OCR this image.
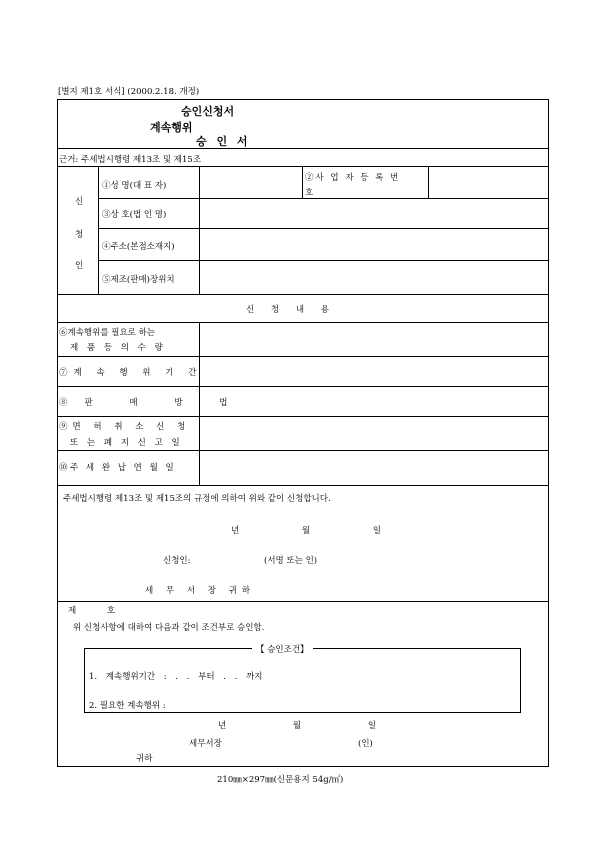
[별지 제1호 서식] (2000.2.18. 개정)
승인신청서
계속행위
승 인 서
근거: 주세법시행령 제13조 및 제15조
신
청
인
①성 명(대 표 자)
②사 업 자 등 록 번
호
③상 호(법 인 명)
④주소(본점소재지)
⑤제조(판매)장위치
신 청 내 용
⑥계속행위를 필요로 하는
제 품 등 의 수 량
⑦계 속 행 위 기 간
⑧판 매 방 법
⑨면 허 취 소 신 청
또 는 폐 지 신 고 일
⑩주 세 완 납 연 월 일
주세법시행령 제13조 및 제15조의 규정에 의하여 위와 같이 신청합니다.
년 월 일
신청인:	(서명 또는 인)
세 무 서 장 귀하
제 호
위 신청사항에 대하여 다음과 같이 조건부로 승인함.
【 승인조건】
1. 계속행위기간 : . . 부터 . . 까지
2. 필요한 계속행위 :
년 월 일
세무서장	(인)
귀하
210㎜×297㎜(신문용지 54g/㎡)
